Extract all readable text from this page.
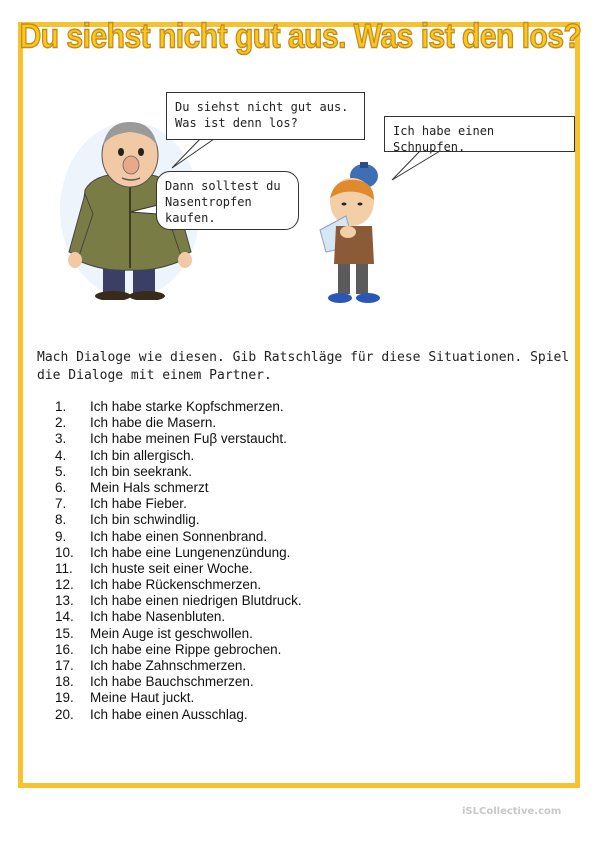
Du siehst nicht gut aus. Was ist den los?
Du siehst nicht gut aus. Was ist denn los?
Ich habe einen Schnupfen.
Dann solltest du Nasentropfen kaufen.
Mach Dialoge wie diesen. Gib Ratschläge für diese Situationen. Spiel die Dialoge mit einem Partner.
1.	Ich habe starke Kopfschmerzen.
2.	Ich habe die Masern.
3.	Ich habe meinen Fuβ verstaucht.
4.	Ich bin allergisch.
5.	Ich bin seekrank.
6.	Mein Hals schmerzt
7.	Ich habe Fieber.
8.	Ich bin schwindlig.
9.	Ich habe einen Sonnenbrand.
10.	Ich habe eine Lungenenzündung.
11.	Ich huste seit einer Woche.
12.	Ich habe Rückenschmerzen.
13.	Ich habe einen niedrigen Blutdruck.
14.	Ich habe Nasenbluten.
15.	Mein Auge ist geschwollen.
16.	Ich habe eine Rippe gebrochen.
17.	Ich habe Zahnschmerzen.
18.	Ich habe Bauchschmerzen.
19.	Meine Haut juckt.
20.	Ich habe einen Ausschlag.
iSLCollective.com
